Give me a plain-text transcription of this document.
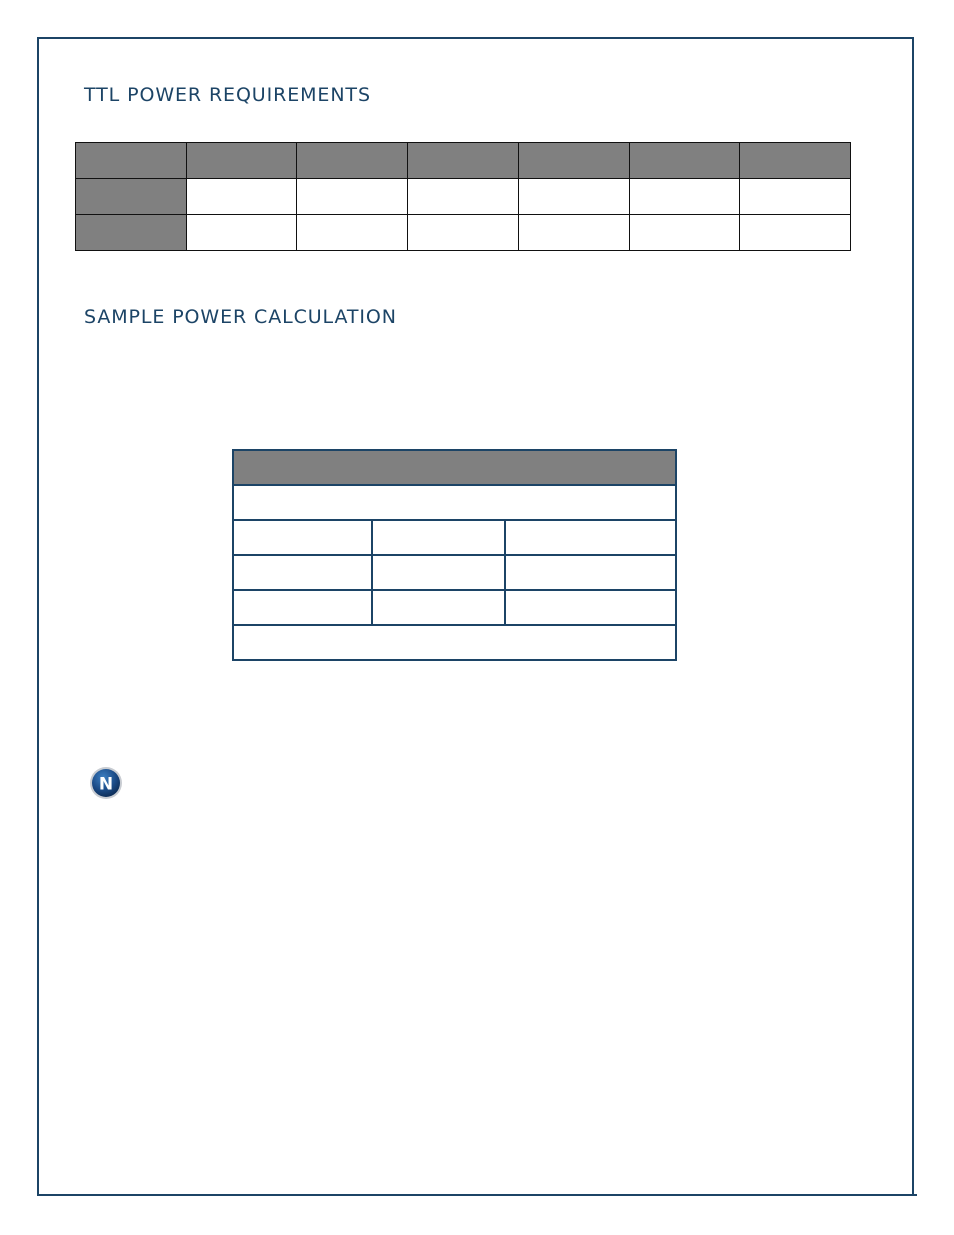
TTL POWER REQUIREMENTS

SAMPLE POWER CALCULATION

N
